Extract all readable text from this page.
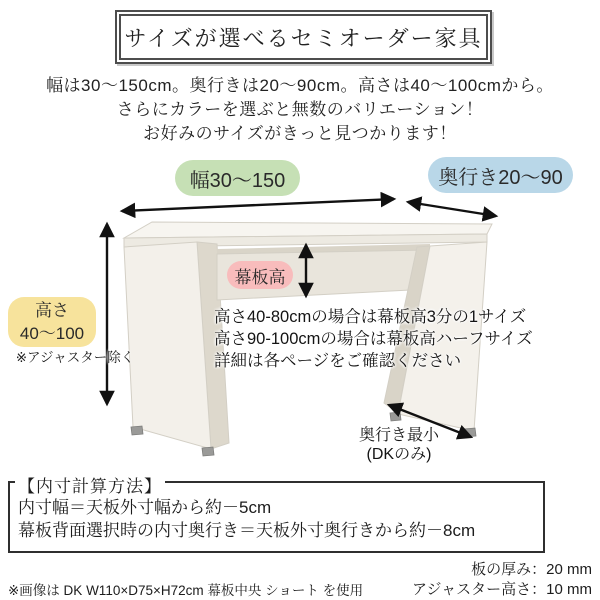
サイズが選べるセミオーダー家具
幅は30〜150cm。奥行きは20〜90cm。高さは40〜100cmから。
さらにカラーを選ぶと無数のバリエーション！
お好みのサイズがきっと見つかります！
幅30〜150	奥行き20〜90
幕板高
高さ
40〜100
※アジャスター除く
高さ40-80cmの場合は幕板高3分の1サイズ
高さ90-100cmの場合は幕板高ハーフサイズ
詳細は各ページをご確認ください
奥行き最小
(DKのみ)
【内寸計算方法】
内寸幅＝天板外寸幅から約－5cm
幕板背面選択時の内寸奥行き＝天板外寸奥行きから約－8cm
板の厚み：20 mm
アジャスター高さ：10 mm
※画像は DK W110×D75×H72cm 幕板中央 ショート を使用
